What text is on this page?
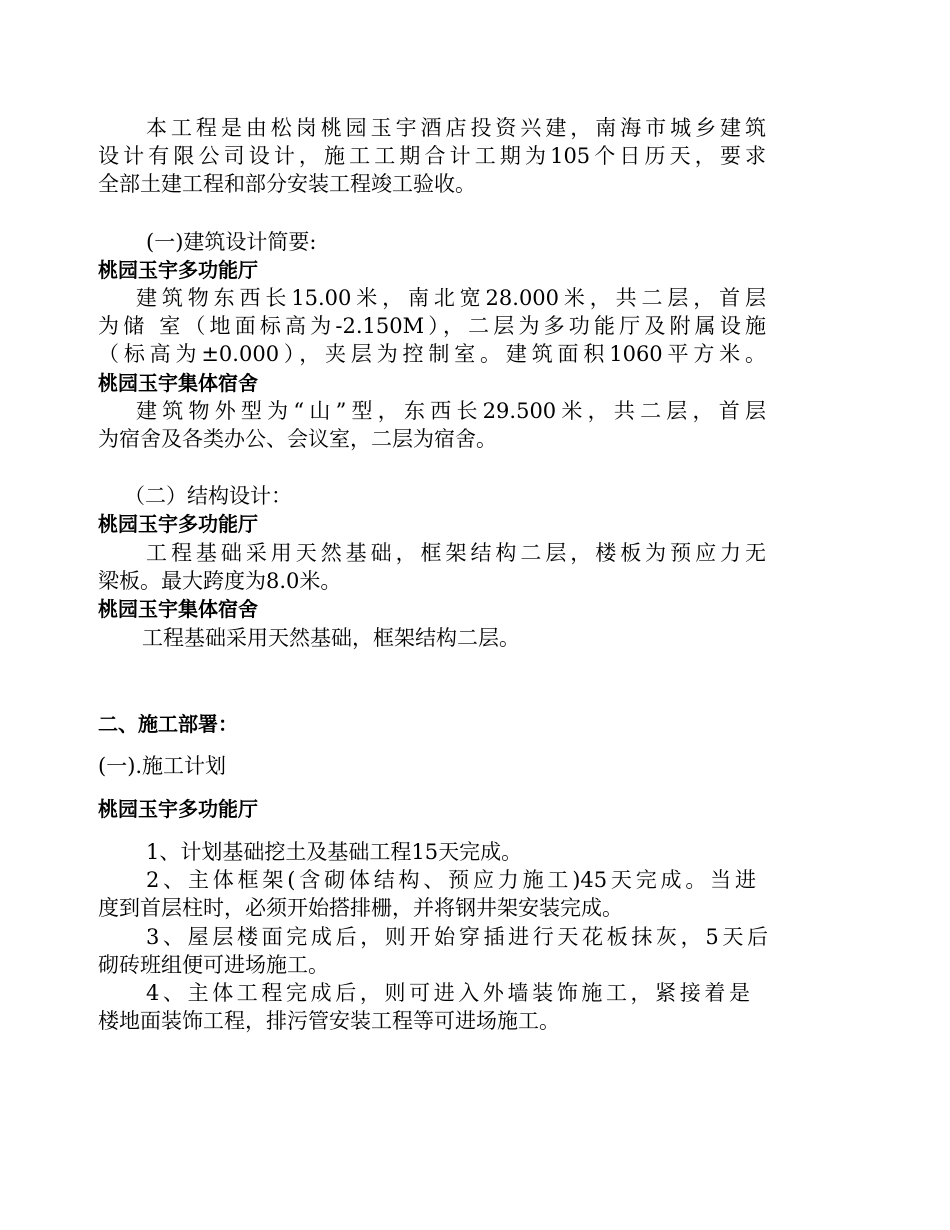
本工程是由松岗桃园玉宇酒店投资兴建，南海市城乡建筑
设计有限公司设计，施工工期合计工期为105个日历天，要求
全部土建工程和部分安装工程竣工验收。
(一)建筑设计简要:
桃园玉宇多功能厅
建筑物东西长15.00米，南北宽28.000米，共二层，首层
为储 室（地面标高为-2.150M），二层为多功能厅及附属设施
（标高为±0.000），夹层为控制室。建筑面积1060平方米。
桃园玉宇集体宿舍
建筑物外型为“山”型，东西长29.500米，共二层，首层
为宿舍及各类办公、会议室，二层为宿舍。
（二）结构设计：
桃园玉宇多功能厅
工程基础采用天然基础，框架结构二层，楼板为预应力无
梁板。最大跨度为8.0米。
桃园玉宇集体宿舍
工程基础采用天然基础，框架结构二层。
二、施工部署：
(一).施工计划
桃园玉宇多功能厅
1、计划基础挖土及基础工程15天完成。
2、主体框架(含砌体结构、预应力施工)45天完成。当进
度到首层柱时，必须开始搭排栅，并将钢井架安装完成。
3、屋层楼面完成后，则开始穿插进行天花板抹灰，5天后
砌砖班组便可进场施工。
4、主体工程完成后，则可进入外墙装饰施工，紧接着是
楼地面装饰工程，排污管安装工程等可进场施工。
